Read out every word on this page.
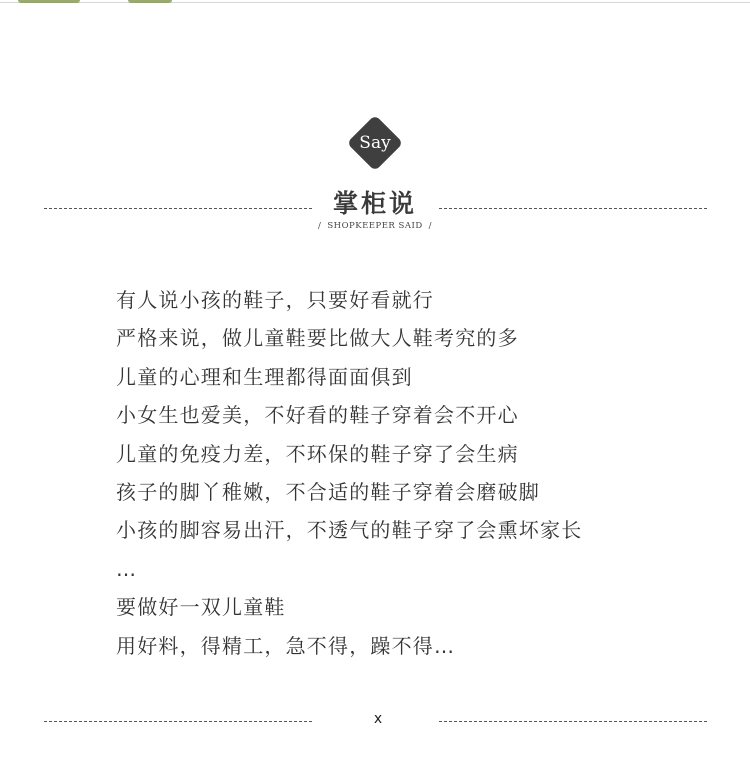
Say
掌柜说
/ SHOPKEEPER SAID /
有人说小孩的鞋子，只要好看就行
严格来说，做儿童鞋要比做大人鞋考究的多
儿童的心理和生理都得面面俱到
小女生也爱美，不好看的鞋子穿着会不开心
儿童的免疫力差，不环保的鞋子穿了会生病
孩子的脚丫稚嫩，不合适的鞋子穿着会磨破脚
小孩的脚容易出汗，不透气的鞋子穿了会熏坏家长
…
要做好一双儿童鞋
用好料，得精工，急不得，躁不得…
x
